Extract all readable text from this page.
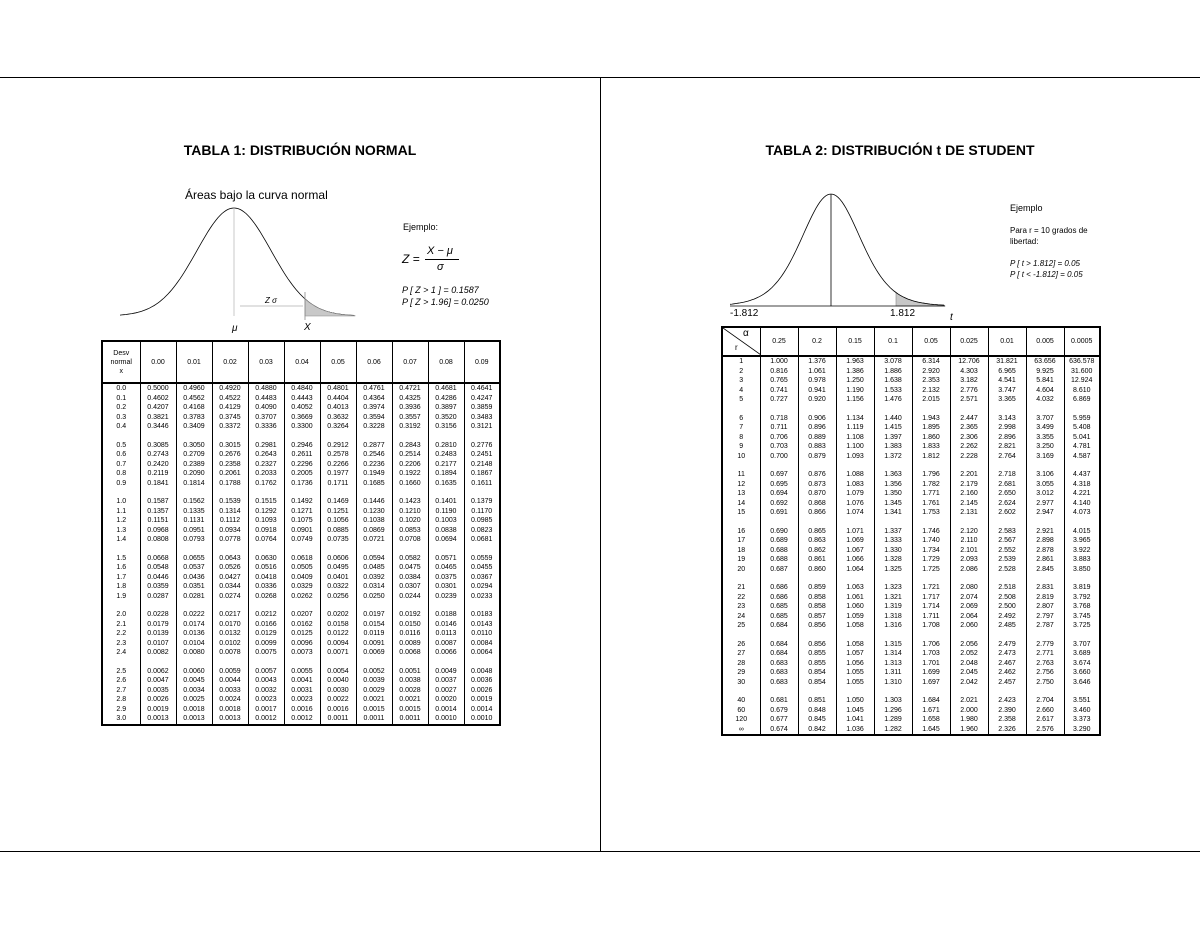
TABLA 1: DISTRIBUCIÓN NORMAL
Áreas bajo la curva normal
Z σ
μ	X
Ejemplo:
Z =
X − μ
σ
P [ Z > 1 ] = 0.1587
P [ Z > 1.96] = 0.0250
Desv
normal
x	0.00	0.01	0.02	0.03	0.04	0.05	0.06	0.07	0.08	0.09
0.0	0.5000	0.4960	0.4920	0.4880	0.4840	0.4801	0.4761	0.4721	0.4681	0.4641
0.1	0.4602	0.4562	0.4522	0.4483	0.4443	0.4404	0.4364	0.4325	0.4286	0.4247
0.2	0.4207	0.4168	0.4129	0.4090	0.4052	0.4013	0.3974	0.3936	0.3897	0.3859
0.3	0.3821	0.3783	0.3745	0.3707	0.3669	0.3632	0.3594	0.3557	0.3520	0.3483
0.4	0.3446	0.3409	0.3372	0.3336	0.3300	0.3264	0.3228	0.3192	0.3156	0.3121

0.5	0.3085	0.3050	0.3015	0.2981	0.2946	0.2912	0.2877	0.2843	0.2810	0.2776
0.6	0.2743	0.2709	0.2676	0.2643	0.2611	0.2578	0.2546	0.2514	0.2483	0.2451
0.7	0.2420	0.2389	0.2358	0.2327	0.2296	0.2266	0.2236	0.2206	0.2177	0.2148
0.8	0.2119	0.2090	0.2061	0.2033	0.2005	0.1977	0.1949	0.1922	0.1894	0.1867
0.9	0.1841	0.1814	0.1788	0.1762	0.1736	0.1711	0.1685	0.1660	0.1635	0.1611

1.0	0.1587	0.1562	0.1539	0.1515	0.1492	0.1469	0.1446	0.1423	0.1401	0.1379
1.1	0.1357	0.1335	0.1314	0.1292	0.1271	0.1251	0.1230	0.1210	0.1190	0.1170
1.2	0.1151	0.1131	0.1112	0.1093	0.1075	0.1056	0.1038	0.1020	0.1003	0.0985
1.3	0.0968	0.0951	0.0934	0.0918	0.0901	0.0885	0.0869	0.0853	0.0838	0.0823
1.4	0.0808	0.0793	0.0778	0.0764	0.0749	0.0735	0.0721	0.0708	0.0694	0.0681

1.5	0.0668	0.0655	0.0643	0.0630	0.0618	0.0606	0.0594	0.0582	0.0571	0.0559
1.6	0.0548	0.0537	0.0526	0.0516	0.0505	0.0495	0.0485	0.0475	0.0465	0.0455
1.7	0.0446	0.0436	0.0427	0.0418	0.0409	0.0401	0.0392	0.0384	0.0375	0.0367
1.8	0.0359	0.0351	0.0344	0.0336	0.0329	0.0322	0.0314	0.0307	0.0301	0.0294
1.9	0.0287	0.0281	0.0274	0.0268	0.0262	0.0256	0.0250	0.0244	0.0239	0.0233

2.0	0.0228	0.0222	0.0217	0.0212	0.0207	0.0202	0.0197	0.0192	0.0188	0.0183
2.1	0.0179	0.0174	0.0170	0.0166	0.0162	0.0158	0.0154	0.0150	0.0146	0.0143
2.2	0.0139	0.0136	0.0132	0.0129	0.0125	0.0122	0.0119	0.0116	0.0113	0.0110
2.3	0.0107	0.0104	0.0102	0.0099	0.0096	0.0094	0.0091	0.0089	0.0087	0.0084
2.4	0.0082	0.0080	0.0078	0.0075	0.0073	0.0071	0.0069	0.0068	0.0066	0.0064

2.5	0.0062	0.0060	0.0059	0.0057	0.0055	0.0054	0.0052	0.0051	0.0049	0.0048
2.6	0.0047	0.0045	0.0044	0.0043	0.0041	0.0040	0.0039	0.0038	0.0037	0.0036
2.7	0.0035	0.0034	0.0033	0.0032	0.0031	0.0030	0.0029	0.0028	0.0027	0.0026
2.8	0.0026	0.0025	0.0024	0.0023	0.0023	0.0022	0.0021	0.0021	0.0020	0.0019
2.9	0.0019	0.0018	0.0018	0.0017	0.0016	0.0016	0.0015	0.0015	0.0014	0.0014
3.0	0.0013	0.0013	0.0013	0.0012	0.0012	0.0011	0.0011	0.0011	0.0010	0.0010
TABLA 2: DISTRIBUCIÓN t DE STUDENT
-1.812	1.812	t
Ejemplo
Para r = 10 grados de
libertad:
P [ t > 1.812] = 0.05
P [ t < -1.812] = 0.05
α
r	0.25	0.2	0.15	0.1	0.05	0.025	0.01	0.005	0.0005
1	1.000	1.376	1.963	3.078	6.314	12.706	31.821	63.656	636.578
2	0.816	1.061	1.386	1.886	2.920	4.303	6.965	9.925	31.600
3	0.765	0.978	1.250	1.638	2.353	3.182	4.541	5.841	12.924
4	0.741	0.941	1.190	1.533	2.132	2.776	3.747	4.604	8.610
5	0.727	0.920	1.156	1.476	2.015	2.571	3.365	4.032	6.869

6	0.718	0.906	1.134	1.440	1.943	2.447	3.143	3.707	5.959
7	0.711	0.896	1.119	1.415	1.895	2.365	2.998	3.499	5.408
8	0.706	0.889	1.108	1.397	1.860	2.306	2.896	3.355	5.041
9	0.703	0.883	1.100	1.383	1.833	2.262	2.821	3.250	4.781
10	0.700	0.879	1.093	1.372	1.812	2.228	2.764	3.169	4.587

11	0.697	0.876	1.088	1.363	1.796	2.201	2.718	3.106	4.437
12	0.695	0.873	1.083	1.356	1.782	2.179	2.681	3.055	4.318
13	0.694	0.870	1.079	1.350	1.771	2.160	2.650	3.012	4.221
14	0.692	0.868	1.076	1.345	1.761	2.145	2.624	2.977	4.140
15	0.691	0.866	1.074	1.341	1.753	2.131	2.602	2.947	4.073

16	0.690	0.865	1.071	1.337	1.746	2.120	2.583	2.921	4.015
17	0.689	0.863	1.069	1.333	1.740	2.110	2.567	2.898	3.965
18	0.688	0.862	1.067	1.330	1.734	2.101	2.552	2.878	3.922
19	0.688	0.861	1.066	1.328	1.729	2.093	2.539	2.861	3.883
20	0.687	0.860	1.064	1.325	1.725	2.086	2.528	2.845	3.850

21	0.686	0.859	1.063	1.323	1.721	2.080	2.518	2.831	3.819
22	0.686	0.858	1.061	1.321	1.717	2.074	2.508	2.819	3.792
23	0.685	0.858	1.060	1.319	1.714	2.069	2.500	2.807	3.768
24	0.685	0.857	1.059	1.318	1.711	2.064	2.492	2.797	3.745
25	0.684	0.856	1.058	1.316	1.708	2.060	2.485	2.787	3.725

26	0.684	0.856	1.058	1.315	1.706	2.056	2.479	2.779	3.707
27	0.684	0.855	1.057	1.314	1.703	2.052	2.473	2.771	3.689
28	0.683	0.855	1.056	1.313	1.701	2.048	2.467	2.763	3.674
29	0.683	0.854	1.055	1.311	1.699	2.045	2.462	2.756	3.660
30	0.683	0.854	1.055	1.310	1.697	2.042	2.457	2.750	3.646

40	0.681	0.851	1.050	1.303	1.684	2.021	2.423	2.704	3.551
60	0.679	0.848	1.045	1.296	1.671	2.000	2.390	2.660	3.460
120	0.677	0.845	1.041	1.289	1.658	1.980	2.358	2.617	3.373
∞	0.674	0.842	1.036	1.282	1.645	1.960	2.326	2.576	3.290
